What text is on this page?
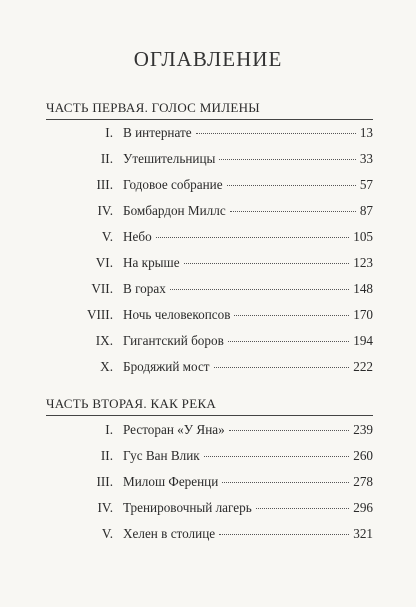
ОГЛАВЛЕНИЕ
ЧАСТЬ ПЕРВАЯ. ГОЛОС МИЛЕНЫ
I. В интернате	13
II. Утешительницы	33
III. Годовое собрание	57
IV. Бомбардон Миллс	87
V. Небо	105
VI. На крыше	123
VII. В горах	148
VIII. Ночь человекопсов	170
IX. Гигантский боров	194
X. Бродяжий мост	222
ЧАСТЬ ВТОРАЯ. КАК РЕКА
I. Ресторан «У Яна»	239
II. Гус Ван Влик	260
III. Милош Ференци	278
IV. Тренировочный лагерь	296
V. Хелен в столице	321
